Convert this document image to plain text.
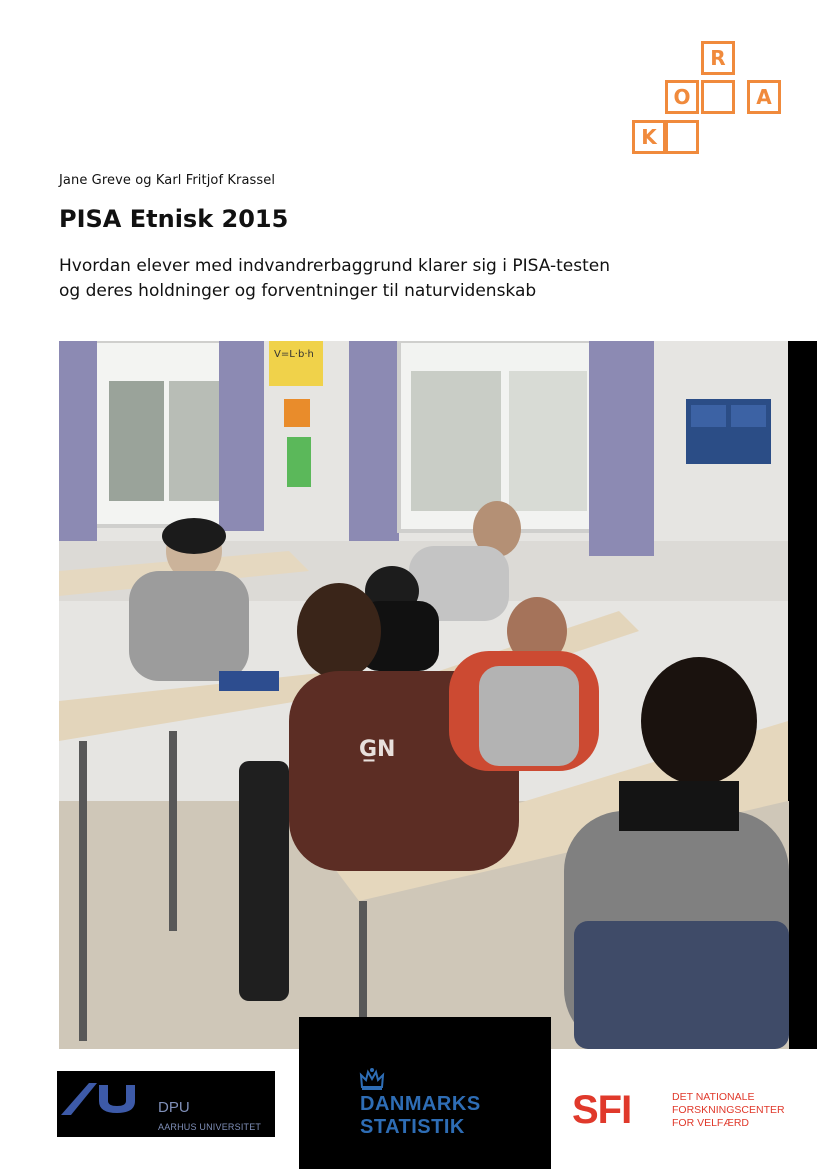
R
O	A
K
Jane Greve og Karl Fritjof Krassel
PISA Etnisk 2015
Hvordan elever med indvandrerbaggrund klarer sig i PISA-testen
og deres holdninger og forventninger til naturvidenskab
V=L·b·h
G̲N
DPU
AARHUS UNIVERSITET
DANMARKS
STATISTIK	SFI	DET NATIONALE
FORSKNINGSCENTER
FOR VELFÆRD
